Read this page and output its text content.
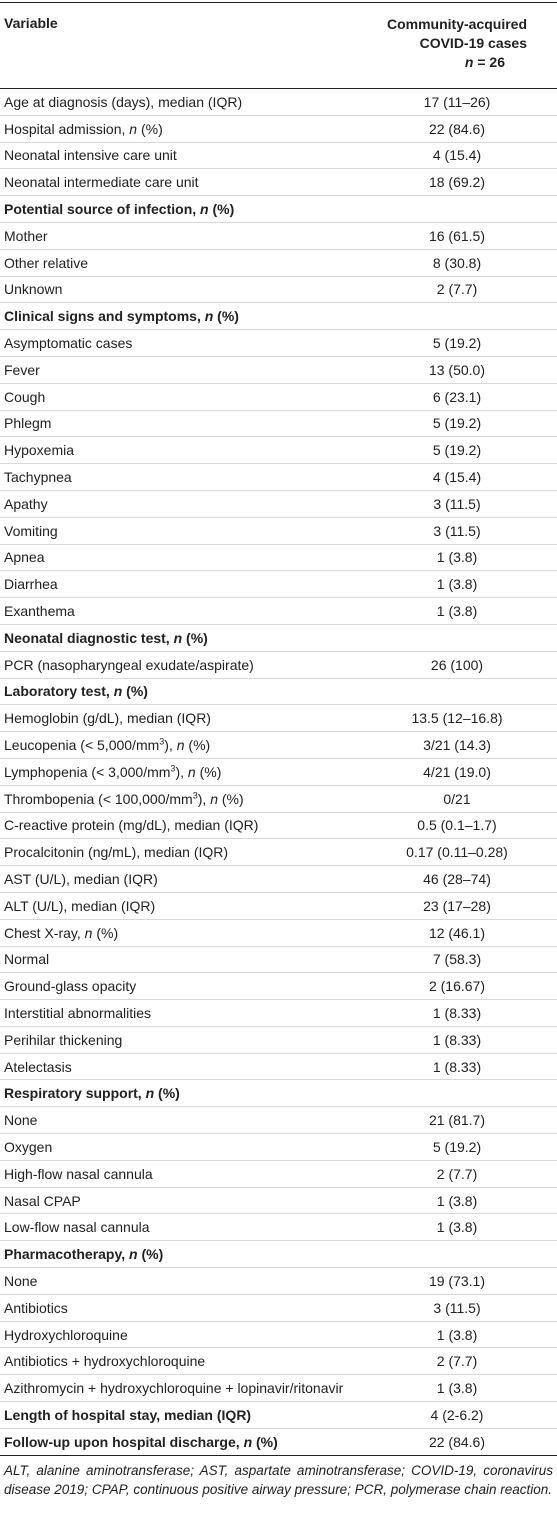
Variable	Community-acquired
COVID-19 cases
n = 26
Age at diagnosis (days), median (IQR)	17 (11–26)
Hospital admission, n (%)	22 (84.6)
Neonatal intensive care unit	4 (15.4)
Neonatal intermediate care unit	18 (69.2)
Potential source of infection, n (%)
Mother	16 (61.5)
Other relative	8 (30.8)
Unknown	2 (7.7)
Clinical signs and symptoms, n (%)
Asymptomatic cases	5 (19.2)
Fever	13 (50.0)
Cough	6 (23.1)
Phlegm	5 (19.2)
Hypoxemia	5 (19.2)
Tachypnea	4 (15.4)
Apathy	3 (11.5)
Vomiting	3 (11.5)
Apnea	1 (3.8)
Diarrhea	1 (3.8)
Exanthema	1 (3.8)
Neonatal diagnostic test, n (%)
PCR (nasopharyngeal exudate/aspirate)	26 (100)
Laboratory test, n (%)
Hemoglobin (g/dL), median (IQR)	13.5 (12–16.8)
Leucopenia (< $5,000/mm^3$), n (%)	3/21 (14.3)
Lymphopenia (< $3,000/mm^3$), n (%)	4/21 (19.0)
Thrombopenia (< $100,000/mm^3$), n (%)	0/21
C-reactive protein (mg/dL), median (IQR)	0.5 (0.1–1.7)
Procalcitonin (ng/mL), median (IQR)	0.17 (0.11–0.28)
AST (U/L), median (IQR)	46 (28–74)
ALT (U/L), median (IQR)	23 (17–28)
Chest X-ray, n (%)	12 (46.1)
Normal	7 (58.3)
Ground-glass opacity	2 (16.67)
Interstitial abnormalities	1 (8.33)
Perihilar thickening	1 (8.33)
Atelectasis	1 (8.33)
Respiratory support, n (%)
None	21 (81.7)
Oxygen	5 (19.2)
High-flow nasal cannula	2 (7.7)
Nasal CPAP	1 (3.8)
Low-flow nasal cannula	1 (3.8)
Pharmacotherapy, n (%)
None	19 (73.1)
Antibiotics	3 (11.5)
Hydroxychloroquine	1 (3.8)
Antibiotics + hydroxychloroquine	2 (7.7)
Azithromycin + hydroxychloroquine + lopinavir/ritonavir	1 (3.8)
Length of hospital stay, median (IQR)	4 (2-6.2)
Follow-up upon hospital discharge, n (%)	22 (84.6)
ALT, alanine aminotransferase; AST, aspartate aminotransferase; COVID-19, coronavirus disease 2019; CPAP, continuous positive airway pressure; PCR, polymerase chain reaction.
